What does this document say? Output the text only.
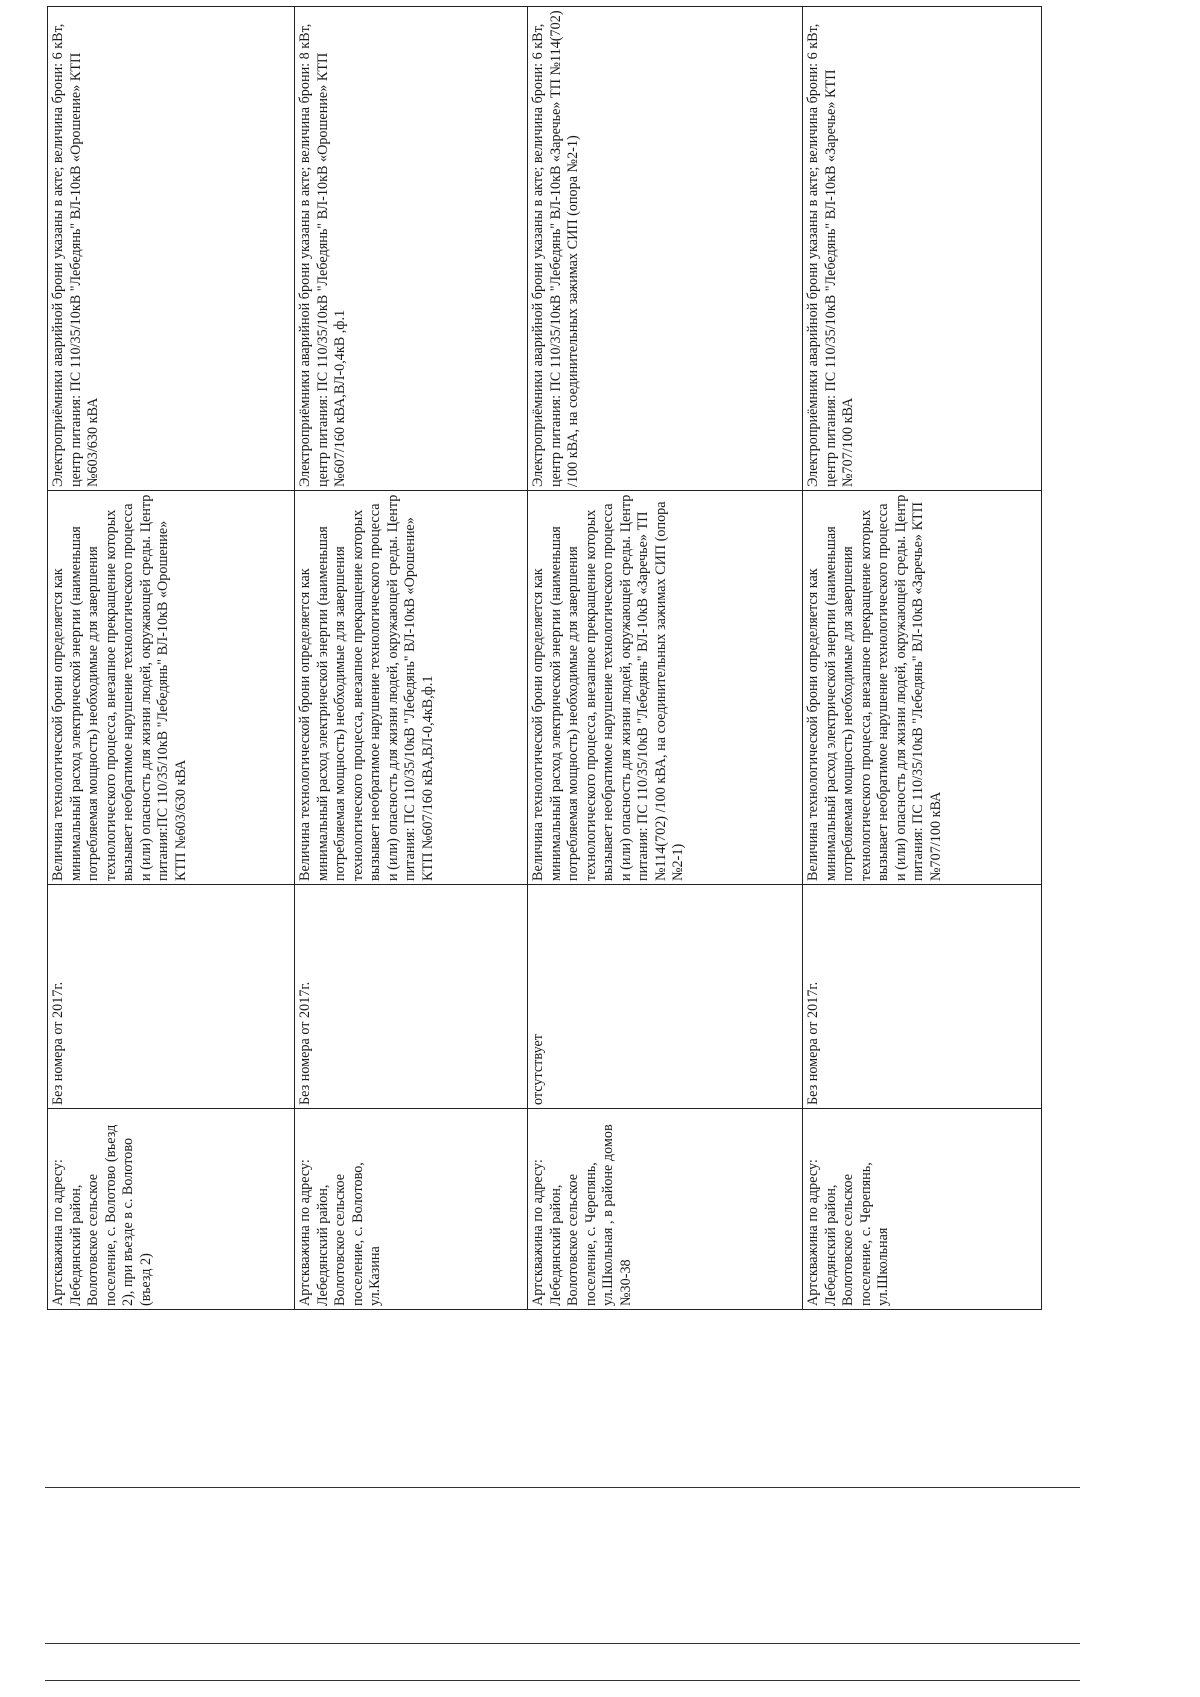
Артскважина по адресу: Лебедянский район, Волотовское сельское поселение, с. Волотово (въезд 2), при въезде в с. Волотово (въезд 2)	Без номера от 2017г.	Величина технологической брони определяется как минимальный расход электрической энергии (наименьшая потребляемая мощность) необходимые для завершения технологического процесса, внезапное прекращение которых вызывает необратимое нарушение технологического процесса и (или) опасность для жизни людей, окружающей среды. Центр питания:ПС 110/35/10кВ "Лебедянь" ВЛ-10кВ «Орошение» КТП №603/630 кВА	Электроприёмники аварийной брони указаны в акте; величина брони: 6 кВт, центр питания: ПС 110/35/10кВ "Лебедянь" ВЛ-10кВ «Орошение» КТП №603/630 кВА
Артскважина по адресу: Лебедянский район, Волотовское сельское поселение, с. Волотово, ул.Казина	Без номера от 2017г.	Величина технологической брони определяется как минимальный расход электрической энергии (наименьшая потребляемая мощность) необходимые для завершения технологического процесса, внезапное прекращение которых вызывает необратимое нарушение технологического процесса и (или) опасность для жизни людей, окружающей среды. Центр питания: ПС 110/35/10кВ "Лебедянь" ВЛ-10кВ «Орошение» КТП №607/160 кВА,ВЛ-0,4кВ,ф.1	Электроприёмники аварийной брони указаны в акте; величина брони: 8 кВт, центр питания: ПС 110/35/10кВ "Лебедянь" ВЛ-10кВ «Орошение» КТП №607/160 кВА,ВЛ-0,4кВ ,ф.1
Артскважина по адресу: Лебедянский район, Волотовское сельское поселение, с. Черепянь, ул.Школьная , в районе домов №30-38	отсутствует	Величина технологической брони определяется как минимальный расход электрической энергии (наименьшая потребляемая мощность) необходимые для завершения технологического процесса, внезапное прекращение которых вызывает необратимое нарушение технологического процесса и (или) опасность для жизни людей, окружающей среды. Центр питания: ПС 110/35/10кВ "Лебедянь" ВЛ-10кВ «Заречье» ТП №114(702) /100 кВА, на соединительных зажимах СИП (опора №2-1)	Электроприёмники аварийной брони указаны в акте; величина брони: 6 кВт, центр питания: ПС 110/35/10кВ "Лебедянь" ВЛ-10кВ «Заречье» ТП №114(702) /100 кВА, на соединительных зажимах СИП (опора №2-1)
Артскважина по адресу: Лебедянский район, Волотовское сельское поселение, с. Черепянь, ул.Школьная	Без номера от 2017г.	Величина технологической брони определяется как минимальный расход электрической энергии (наименьшая потребляемая мощность) необходимые для завершения технологического процесса, внезапное прекращение которых вызывает необратимое нарушение технологического процесса и (или) опасность для жизни людей, окружающей среды. Центр питания: ПС 110/35/10кВ "Лебедянь" ВЛ-10кВ «Заречье» КТП №707/100 кВА	Электроприёмники аварийной брони указаны в акте; величина брони: 6 кВт, центр питания: ПС 110/35/10кВ "Лебедянь" ВЛ-10кВ «Заречье» КТП №707/100 кВА
